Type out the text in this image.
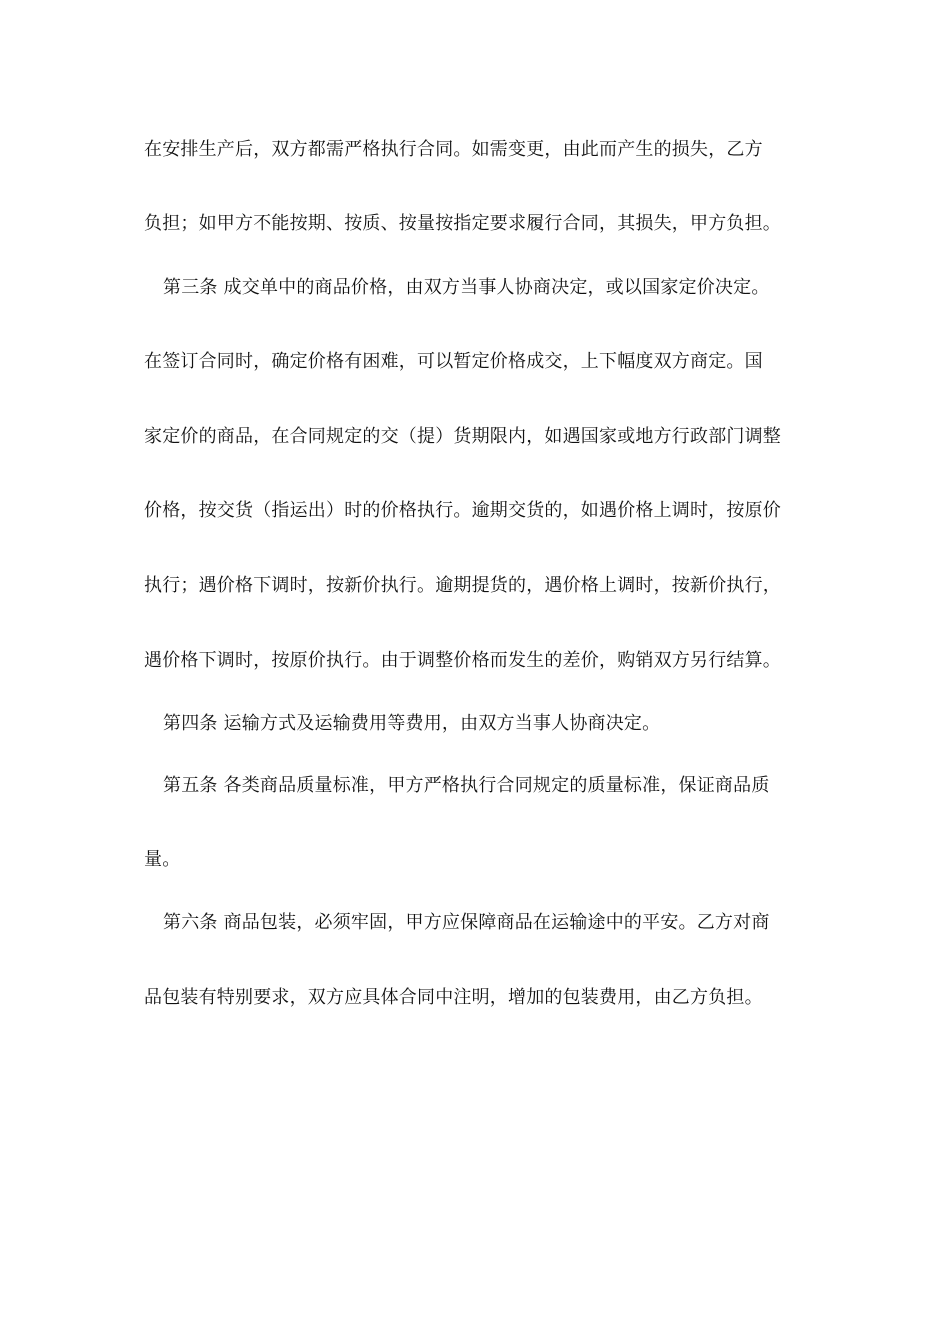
在安排生产后，双方都需严格执行合同。如需变更，由此而产生的损失，乙方
负担；如甲方不能按期、按质、按量按指定要求履行合同，其损失，甲方负担。
第三条 成交单中的商品价格，由双方当事人协商决定，或以国家定价决定。
在签订合同时，确定价格有困难，可以暂定价格成交，上下幅度双方商定。国
家定价的商品，在合同规定的交（提）货期限内，如遇国家或地方行政部门调整
价格，按交货（指运出）时的价格执行。逾期交货的，如遇价格上调时，按原价
执行；遇价格下调时，按新价执行。逾期提货的，遇价格上调时，按新价执行，
遇价格下调时，按原价执行。由于调整价格而发生的差价，购销双方另行结算。
第四条 运输方式及运输费用等费用，由双方当事人协商决定。
第五条 各类商品质量标准，甲方严格执行合同规定的质量标准，保证商品质
量。
第六条 商品包装，必须牢固，甲方应保障商品在运输途中的平安。乙方对商
品包装有特别要求，双方应具体合同中注明，增加的包装费用，由乙方负担。
